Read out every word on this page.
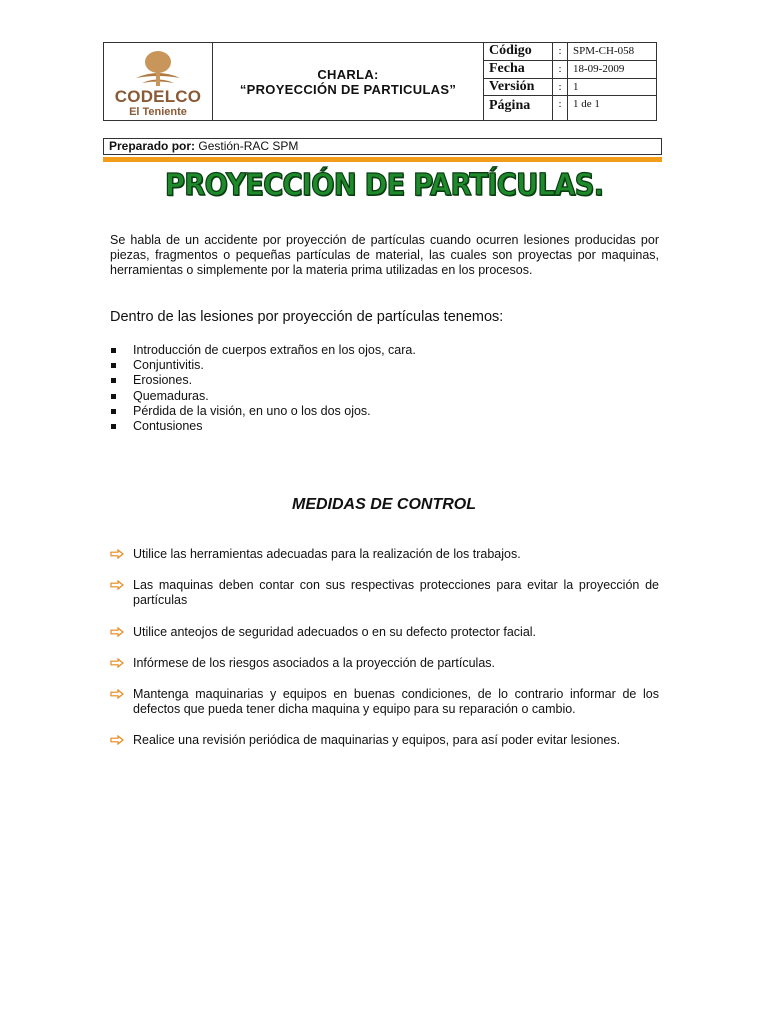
CODELCO
El Teniente
CHARLA:
“PROYECCIÓN DE PARTICULAS”
Código	:	SPM-CH-058
Fecha	:	18-09-2009
Versión	:	1
Página	:	1 de 1
Preparado por: Gestión-RAC SPM
PROYECCIÓN DE PARTÍCULAS.
Se habla de un accidente por proyección de partículas cuando ocurren lesiones producidas por piezas, fragmentos o pequeñas partículas de material, las cuales son proyectas por maquinas, herramientas o simplemente por la materia prima utilizadas en los procesos.
Dentro de las lesiones por proyección de partículas tenemos:
Introducción de cuerpos extraños en los ojos, cara.
Conjuntivitis.
Erosiones.
Quemaduras.
Pérdida de la visión, en uno o los dos ojos.
Contusiones
MEDIDAS DE CONTROL
Utilice las herramientas adecuadas para la realización de los trabajos.
Las maquinas deben contar con sus respectivas protecciones para evitar la proyección de partículas
Utilice anteojos de seguridad adecuados o en su defecto protector facial.
Infórmese de los riesgos asociados a la proyección de partículas.
Mantenga maquinarias y equipos en buenas condiciones, de lo contrario informar de los defectos que pueda tener dicha maquina y equipo para su reparación o cambio.
Realice una revisión periódica de maquinarias y equipos, para así poder evitar lesiones.
